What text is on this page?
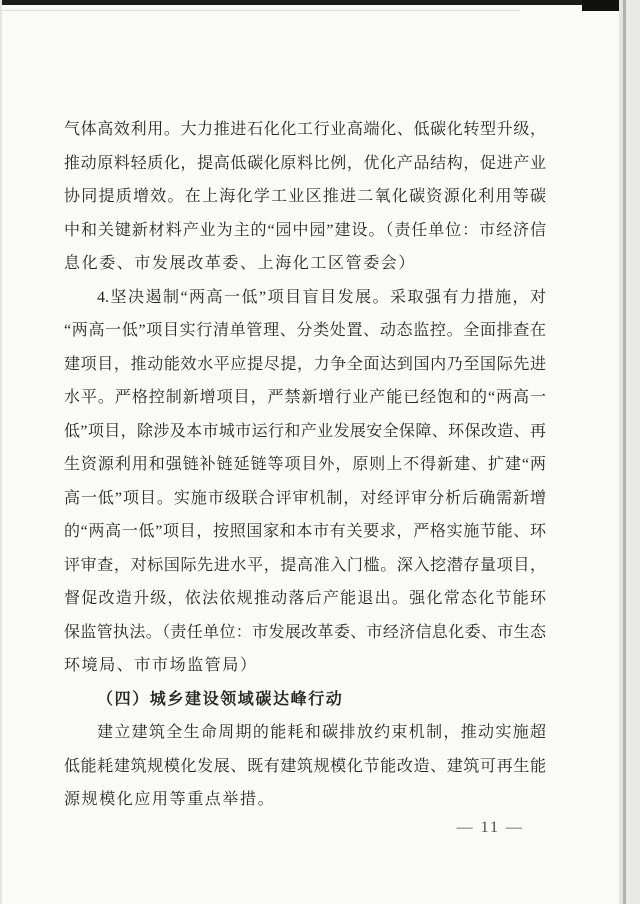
气体高效利用。大力推进石化化工行业高端化、低碳化转型升级，
推动原料轻质化，提高低碳化原料比例，优化产品结构，促进产业
协同提质增效。在上海化学工业区推进二氧化碳资源化利用等碳
中和关键新材料产业为主的“园中园”建设。（责任单位：市经济信
息化委、市发展改革委、上海化工区管委会）
4.坚决遏制“两高一低”项目盲目发展。采取强有力措施，对
“两高一低”项目实行清单管理、分类处置、动态监控。全面排查在
建项目，推动能效水平应提尽提，力争全面达到国内乃至国际先进
水平。严格控制新增项目，严禁新增行业产能已经饱和的“两高一
低”项目，除涉及本市城市运行和产业发展安全保障、环保改造、再
生资源利用和强链补链延链等项目外，原则上不得新建、扩建“两
高一低”项目。实施市级联合评审机制，对经评审分析后确需新增
的“两高一低”项目，按照国家和本市有关要求，严格实施节能、环
评审查，对标国际先进水平，提高准入门槛。深入挖潜存量项目，
督促改造升级，依法依规推动落后产能退出。强化常态化节能环
保监管执法。（责任单位：市发展改革委、市经济信息化委、市生态
环境局、市市场监管局）
（四）城乡建设领域碳达峰行动
建立建筑全生命周期的能耗和碳排放约束机制，推动实施超
低能耗建筑规模化发展、既有建筑规模化节能改造、建筑可再生能
源规模化应用等重点举措。
— 11 —
